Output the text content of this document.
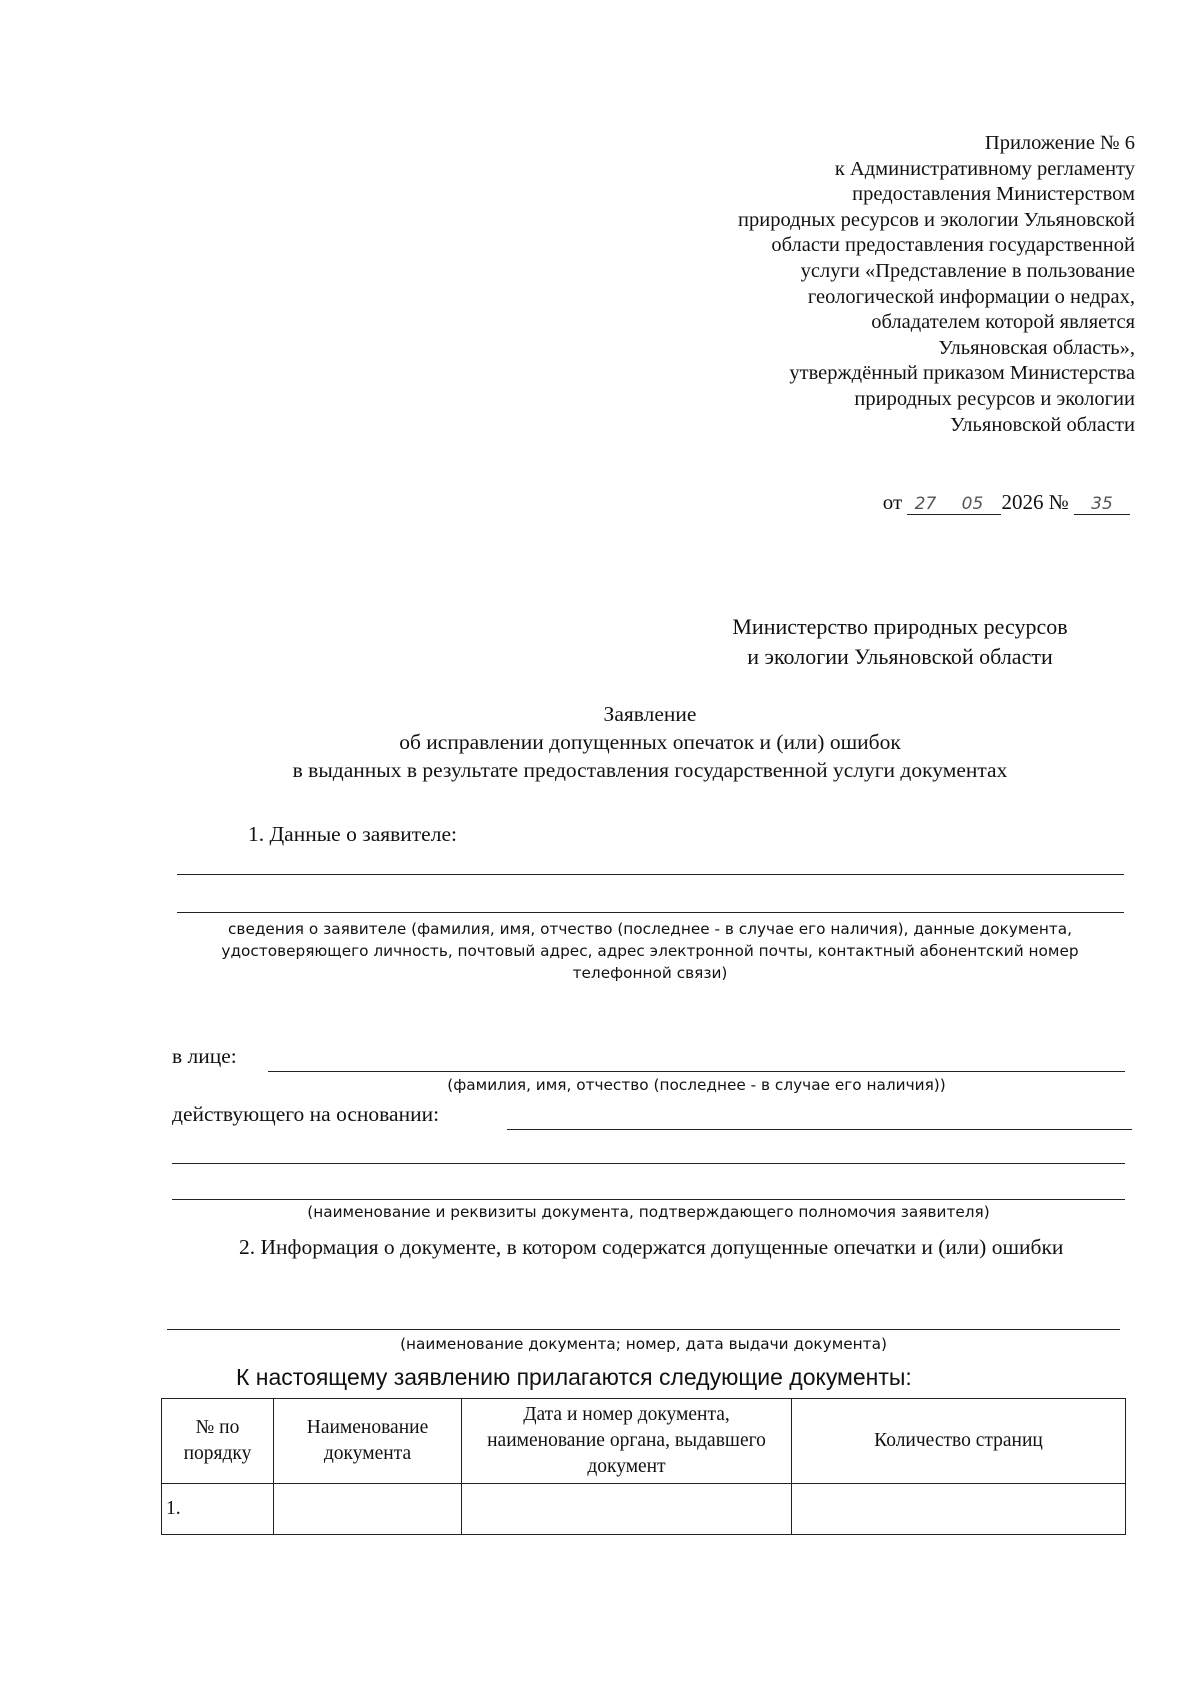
Приложение № 6
к Административному регламенту
предоставления Министерством
природных ресурсов и экологии Ульяновской
области предоставления государственной
услуги «Представление в пользование
геологической информации о недрах,
обладателем которой является
Ульяновская область»,
утверждённый приказом Министерства
природных ресурсов и экологии
Ульяновской области
от 27 05 2026 № 35
Министерство природных ресурсов
и экологии Ульяновской области
Заявление
об исправлении допущенных опечаток и (или) ошибок
в выданных в результате предоставления государственной услуги документах
1. Данные о заявителе:
сведения о заявителе (фамилия, имя, отчество (последнее - в случае его наличия), данные документа, удостоверяющего личность, почтовый адрес, адрес электронной почты, контактный абонентский номер телефонной связи)
в лице:
(фамилия, имя, отчество (последнее - в случае его наличия))
действующего на основании:
(наименование и реквизиты документа, подтверждающего полномочия заявителя)
2. Информация о документе, в котором содержатся допущенные опечатки и (или) ошибки
(наименование документа; номер, дата выдачи документа)
К настоящему заявлению прилагаются следующие документы:
№ по порядку	Наименование документа	Дата и номер документа, наименование органа, выдавшего документ	Количество страниц
1.			
